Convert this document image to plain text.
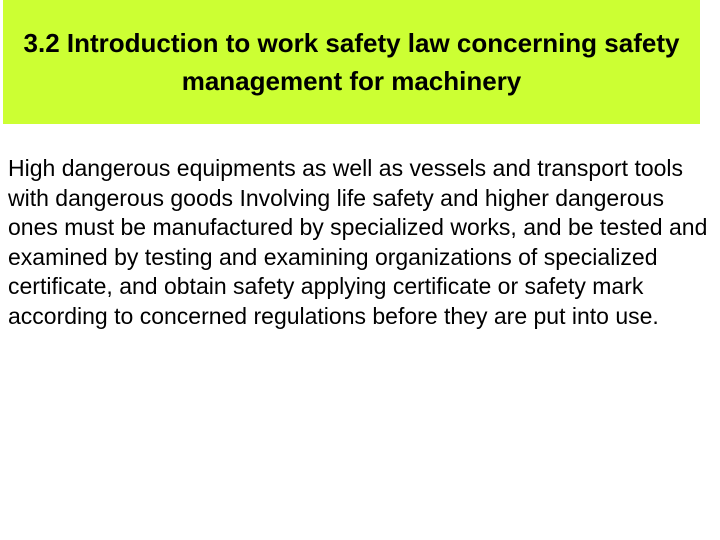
3.2 Introduction to work safety law concerning safety management for machinery

High dangerous equipments as well as vessels and transport tools with dangerous goods Involving life safety and higher dangerous ones must be manufactured by specialized works, and be tested and examined by testing and examining organizations of specialized certificate, and obtain safety applying certificate or safety mark according to concerned regulations before they are put into use.
